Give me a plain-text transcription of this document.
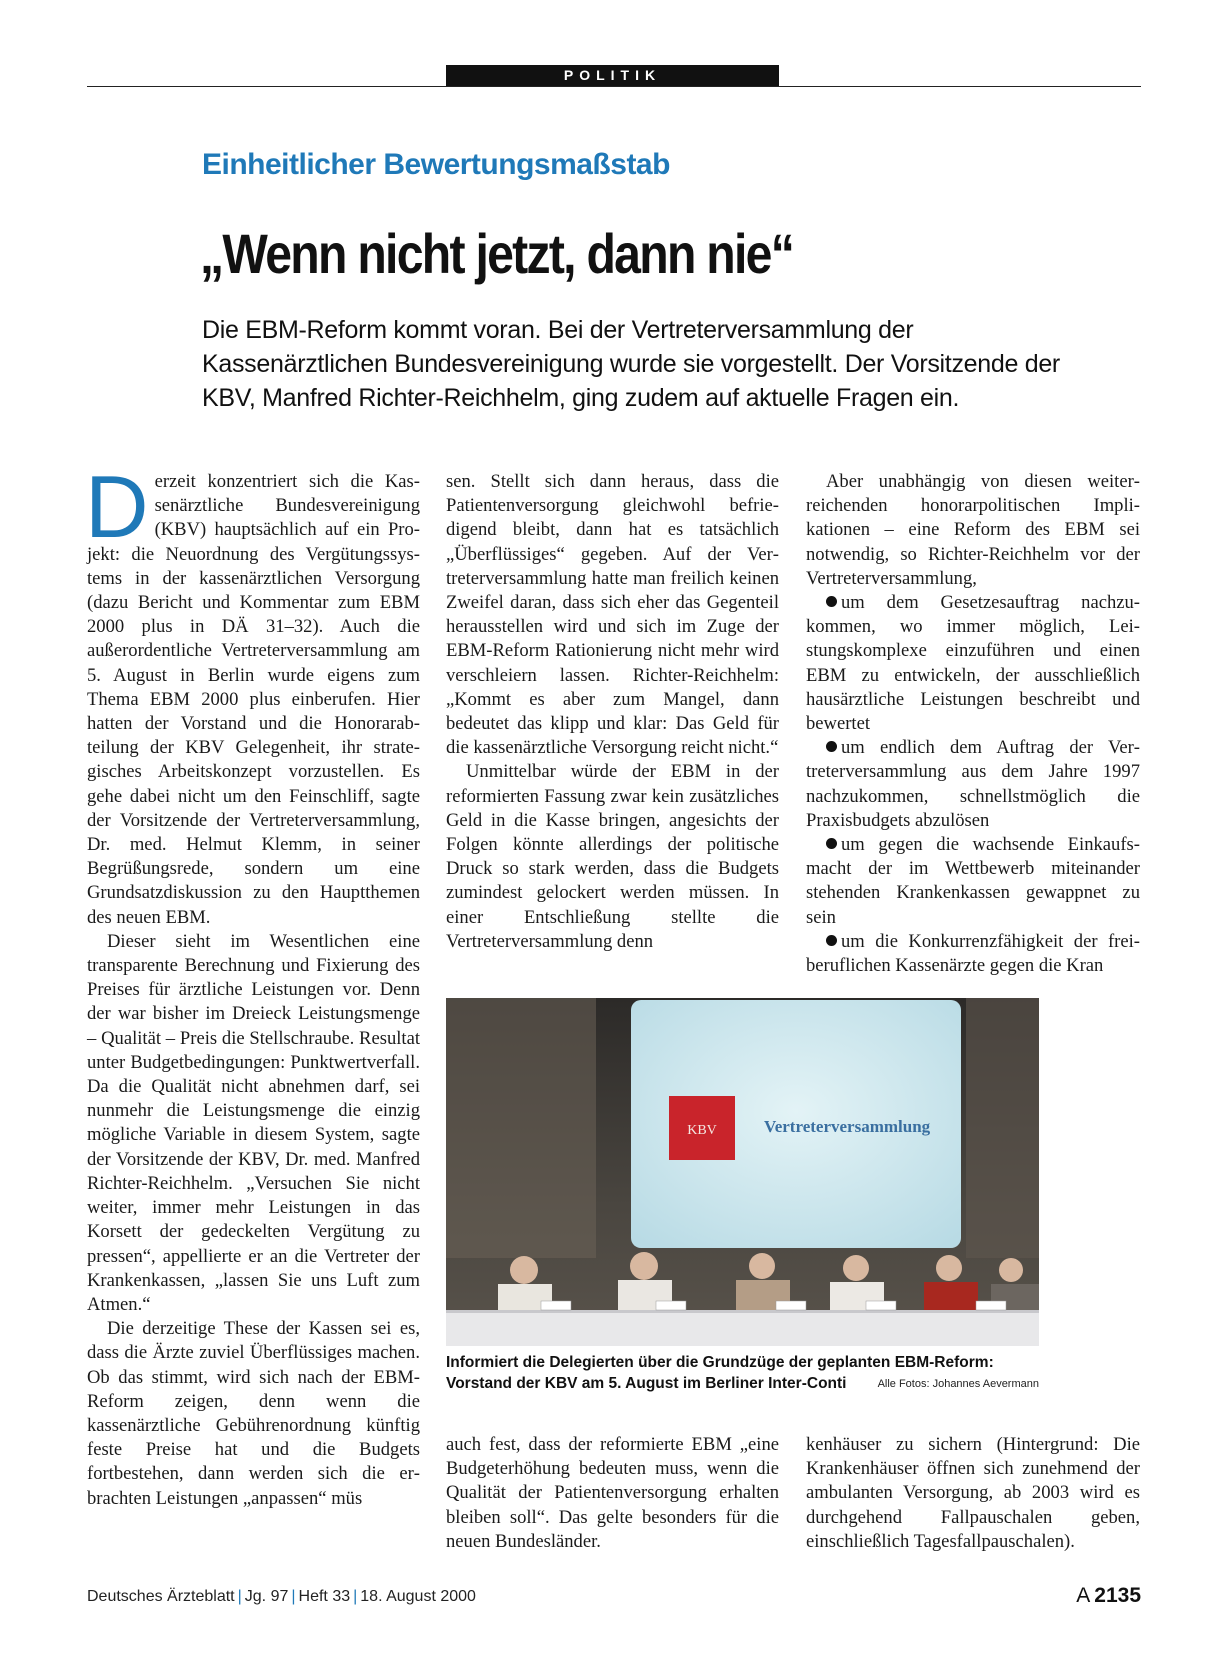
POLITIK
Einheitlicher Bewertungsmaßstab
„Wenn nicht jetzt, dann nie“
Die EBM-Reform kommt voran. Bei der Vertreterversammlung der Kassenärztlichen Bundesvereinigung wurde sie vorgestellt. Der Vorsitzende der KBV, Manfred Richter-Reichhelm, ging zudem auf aktuelle Fragen ein.

Derzeit konzentriert sich die Kassenärztliche Bundesvereinigung (KBV) hauptsächlich auf ein Projekt: die Neuordnung des Vergütungssystems in der kassenärztlichen Versorgung (dazu Bericht und Kommentar zum EBM 2000 plus in DÄ 31–32). Auch die außerordentliche Vertreterversammlung am 5. August in Berlin wurde eigens zum Thema EBM 2000 plus einberufen. Hier hatten der Vorstand und die Honorarabteilung der KBV Gelegenheit, ihr strategisches Arbeitskonzept vorzustellen. Es gehe dabei nicht um den Feinschliff, sagte der Vorsitzende der Vertreterversammlung, Dr. med. Helmut Klemm, in seiner Begrüßungsrede, sondern um eine Grundsatzdiskussion zu den Hauptthemen des neuen EBM.

Dieser sieht im Wesentlichen eine transparente Berechnung und Fixierung des Preises für ärztliche Leistungen vor. Denn der war bisher im Dreieck Leistungsmenge – Qualität – Preis die Stellschraube. Resultat unter Budgetbedingungen: Punktwertverfall. Da die Qualität nicht abnehmen darf, sei nunmehr die Leistungsmenge die einzig mögliche Variable in diesem System, sagte der Vorsitzende der KBV, Dr. med. Manfred Richter-Reichhelm. „Versuchen Sie nicht weiter, immer mehr Leistungen in das Korsett der gedeckelten Vergütung zu pressen“, appellierte er an die Vertreter der Krankenkassen, „lassen Sie uns Luft zum Atmen.“

Die derzeitige These der Kassen sei es, dass die Ärzte zuviel Überflüssiges machen. Ob das stimmt, wird sich nach der EBM-Reform zeigen, denn wenn die kassenärztliche Gebührenordnung künftig feste Preise hat und die Budgets fortbestehen, dann werden sich die erbrachten Leistungen „anpassen“ müs

sen. Stellt sich dann heraus, dass die Patientenversorgung gleichwohl befriedigend bleibt, dann hat es tatsächlich „Überflüssiges“ gegeben. Auf der Vertreterversammlung hatte man freilich keinen Zweifel daran, dass sich eher das Gegenteil herausstellen wird und sich im Zuge der EBM-Reform Rationierung nicht mehr wird verschleiern lassen. Richter-Reichhelm: „Kommt es aber zum Mangel, dann bedeutet das klipp und klar: Das Geld für die kassenärztliche Versorgung reicht nicht.“

Unmittelbar würde der EBM in der reformierten Fassung zwar kein zusätzliches Geld in die Kasse bringen, angesichts der Folgen könnte allerdings der politische Druck so stark werden, dass die Budgets zumindest gelockert werden müssen. In einer Entschließung stellte die Vertreterversammlung denn

Aber unabhängig von diesen weiterreichenden honorarpolitischen Implikationen – eine Reform des EBM sei notwendig, so Richter-Reichhelm vor der Vertreterversammlung,

um dem Gesetzesauftrag nachzukommen, wo immer möglich, Leistungskomplexe einzuführen und einen EBM zu entwickeln, der ausschließlich hausärztliche Leistungen beschreibt und bewertet

um endlich dem Auftrag der Vertreterversammlung aus dem Jahre 1997 nachzukommen, schnellstmöglich die Praxisbudgets abzulösen

um gegen die wachsende Einkaufsmacht der im Wettbewerb miteinander stehenden Krankenkassen gewappnet zu sein

um die Konkurrenzfähigkeit der freiberuflichen Kassenärzte gegen die Kran

KBV	Vertreterversammlung
Informiert die Delegierten über die Grundzüge der geplanten EBM-Reform: Vorstand der KBV am 5. August im Berliner Inter-Conti	Alle Fotos: Johannes Aevermann

auch fest, dass der reformierte EBM „eine Budgeterhöhung bedeuten muss, wenn die Qualität der Patientenversorgung erhalten bleiben soll“. Das gelte besonders für die neuen Bundesländer.

kenhäuser zu sichern (Hintergrund: Die Krankenhäuser öffnen sich zunehmend der ambulanten Versorgung, ab 2003 wird es durchgehend Fallpauschalen geben, einschließlich Tagesfallpauschalen).

Deutsches Ärzteblatt | Jg. 97 | Heft 33 | 18. August 2000	A 2135
